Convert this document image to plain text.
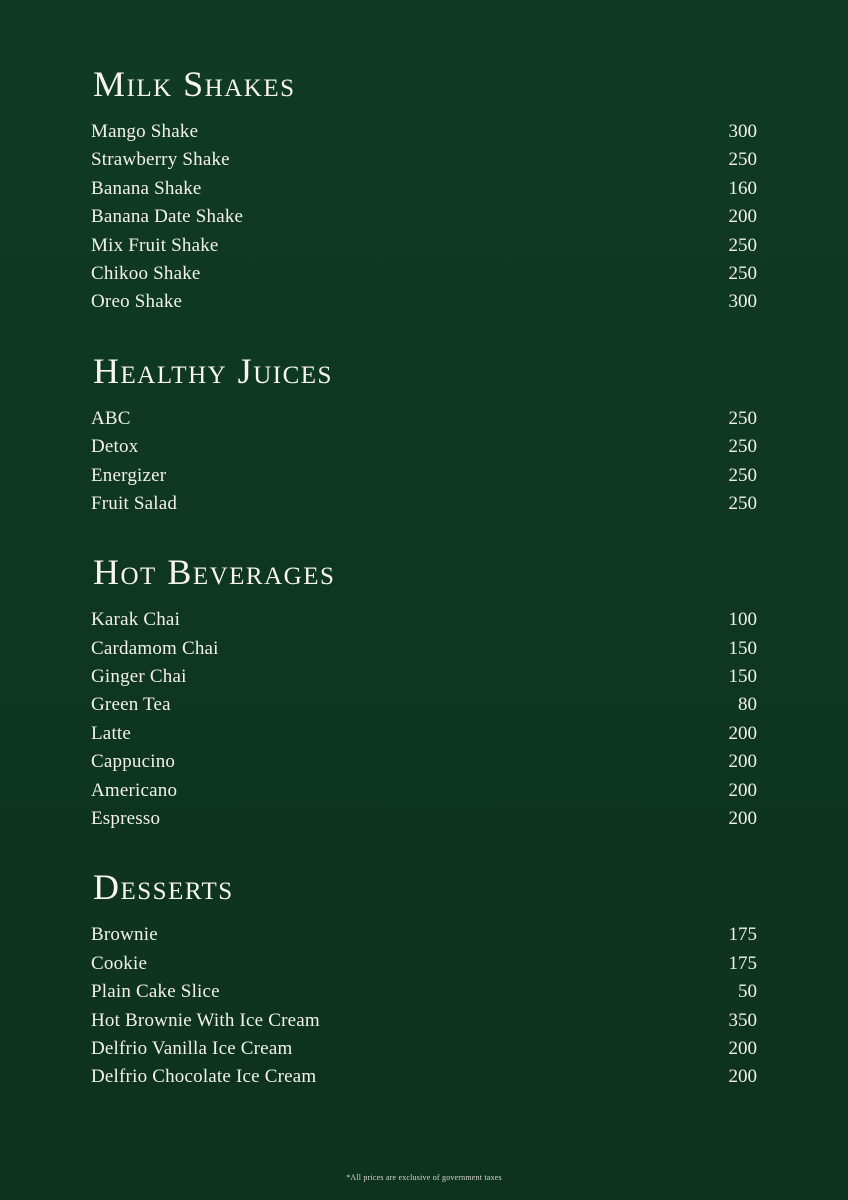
Milk Shakes
Mango Shake	300
Strawberry Shake	250
Banana Shake	160
Banana Date Shake	200
Mix Fruit Shake	250
Chikoo Shake	250
Oreo Shake	300
Healthy Juices
ABC	250
Detox	250
Energizer	250
Fruit Salad	250
Hot Beverages
Karak Chai	100
Cardamom Chai	150
Ginger Chai	150
Green Tea	80
Latte	200
Cappucino	200
Americano	200
Espresso	200
Desserts
Brownie	175
Cookie	175
Plain Cake Slice	50
Hot Brownie With Ice Cream	350
Delfrio Vanilla Ice Cream	200
Delfrio Chocolate Ice Cream	200
*All prices are exclusive of government taxes
